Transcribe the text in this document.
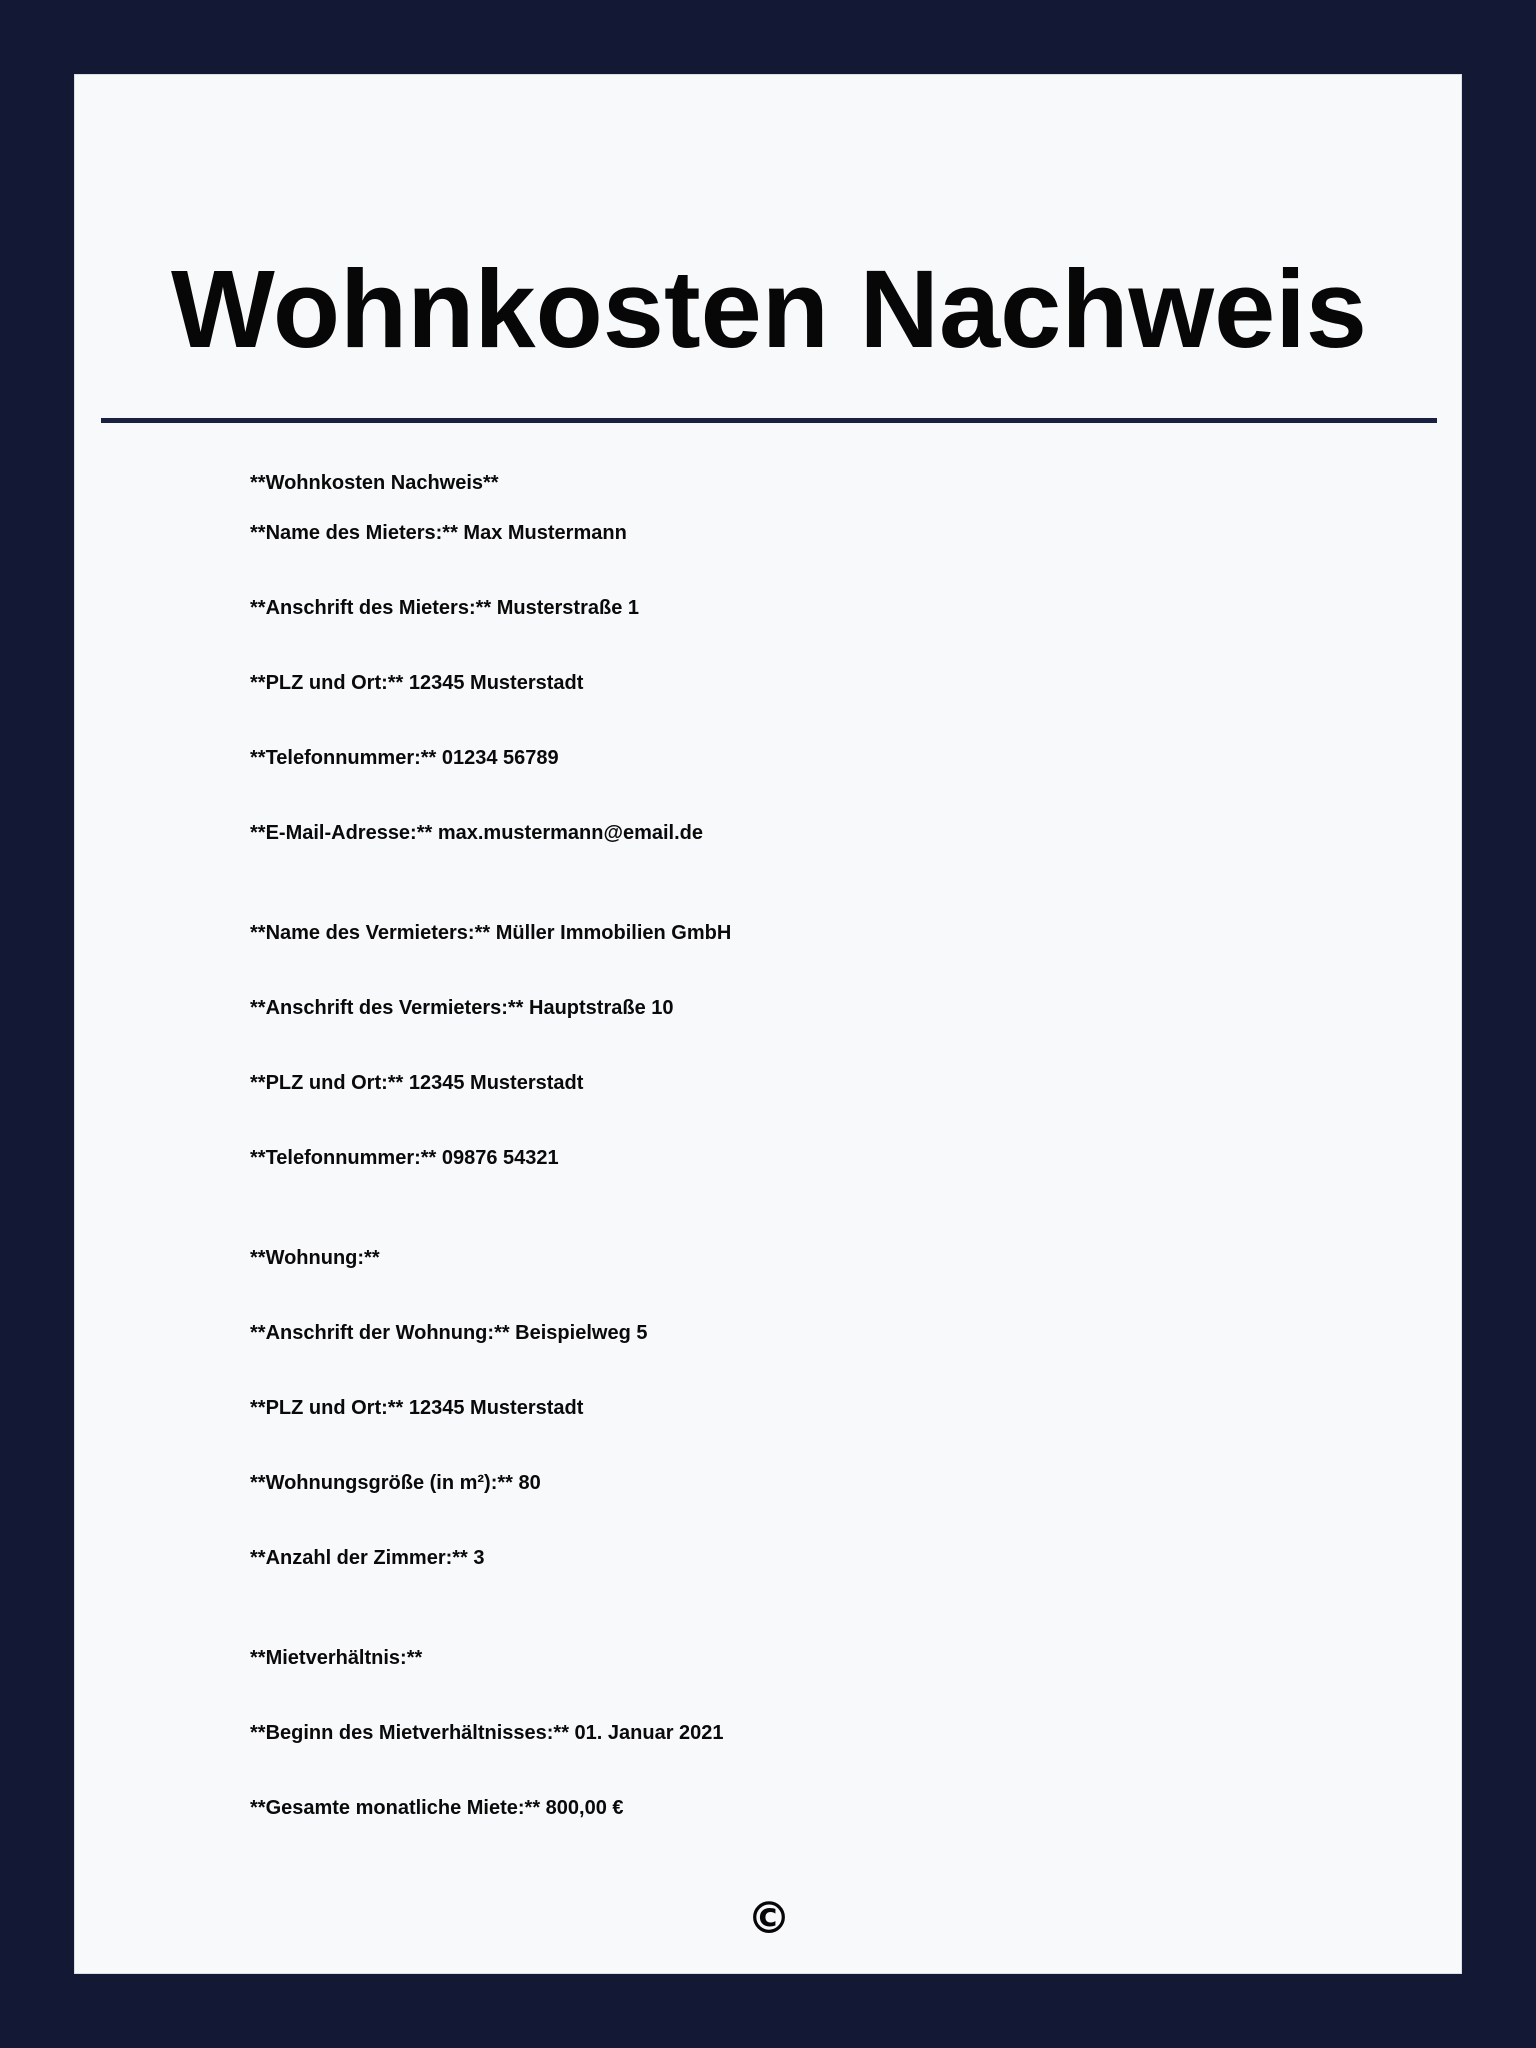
Wohnkosten Nachweis
**Wohnkosten Nachweis**
**Name des Mieters:** Max Mustermann
**Anschrift des Mieters:** Musterstraße 1
**PLZ und Ort:** 12345 Musterstadt
**Telefonnummer:** 01234 56789
**E-Mail-Adresse:** max.mustermann@email.de
**Name des Vermieters:** Müller Immobilien GmbH
**Anschrift des Vermieters:** Hauptstraße 10
**PLZ und Ort:** 12345 Musterstadt
**Telefonnummer:** 09876 54321
**Wohnung:**
**Anschrift der Wohnung:** Beispielweg 5
**PLZ und Ort:** 12345 Musterstadt
**Wohnungsgröße (in m²):** 80
**Anzahl der Zimmer:** 3
**Mietverhältnis:**
**Beginn des Mietverhältnisses:** 01. Januar 2021
**Gesamte monatliche Miete:** 800,00 €
©
